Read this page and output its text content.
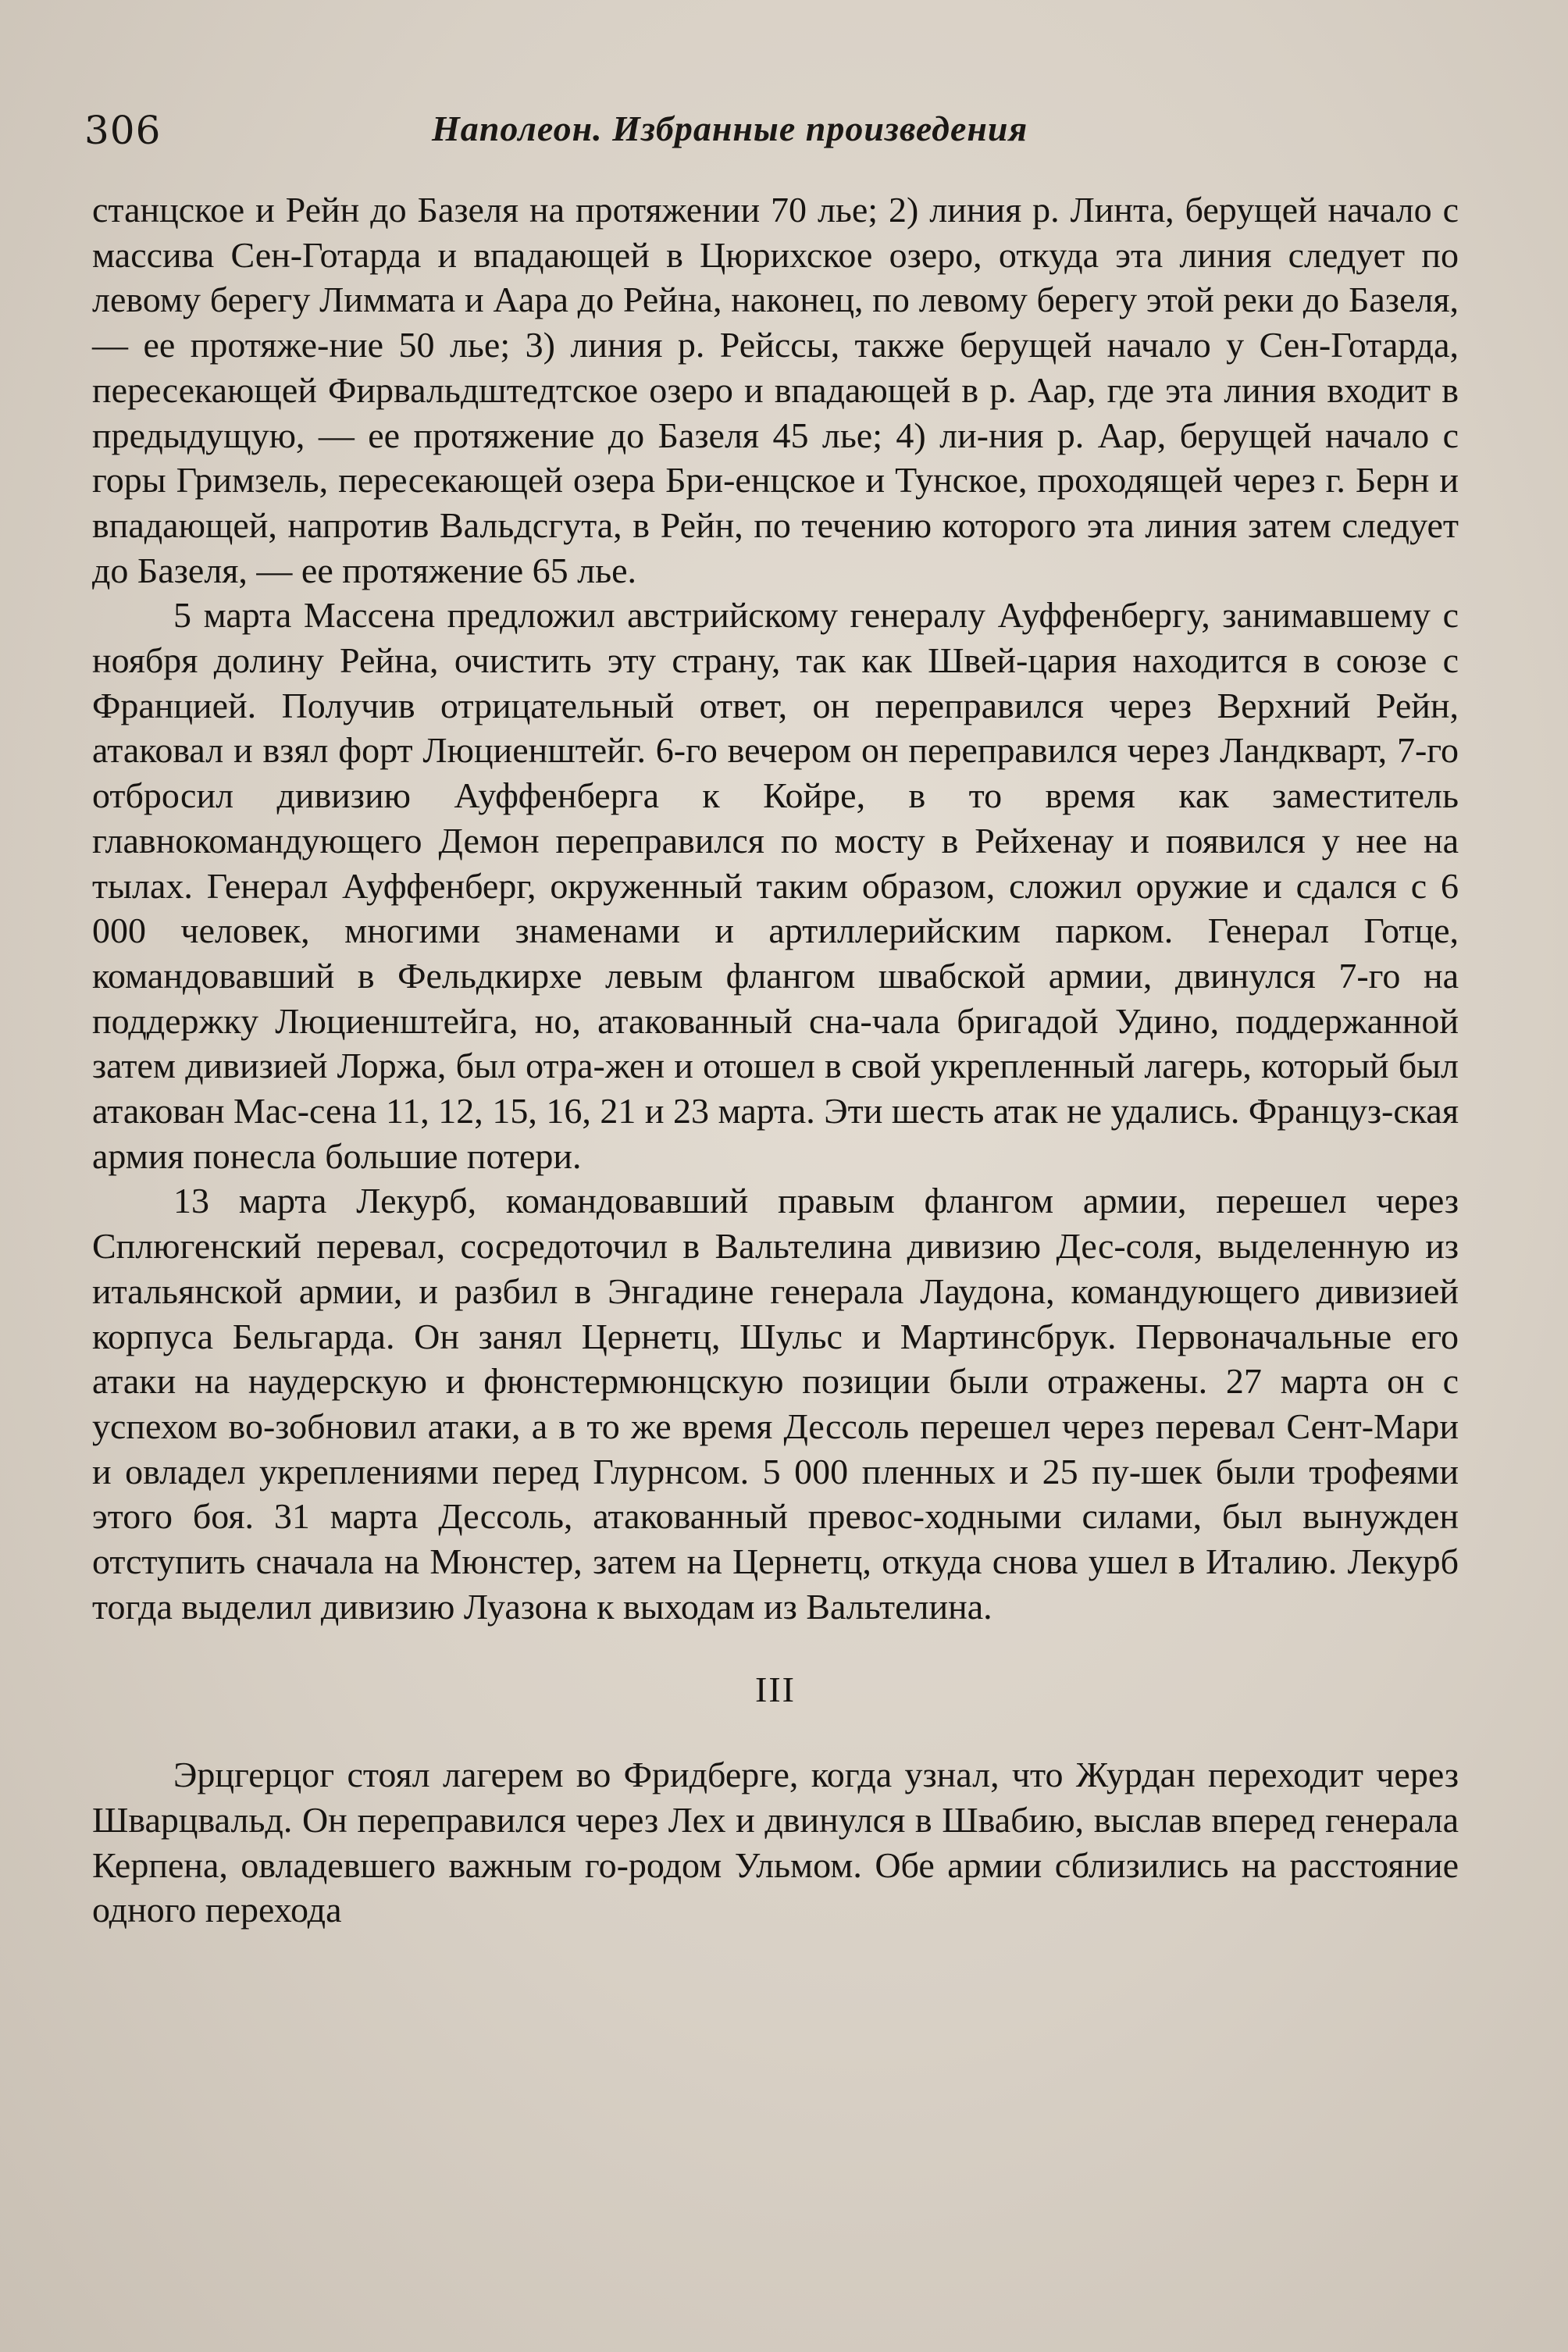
306	Наполеон. Избранные произведения

станцское и Рейн до Базеля на протяжении 70 лье; 2) линия р. Линта, берущей начало с массива Сен-Готарда и впадающей в Цюрихское озеро, откуда эта линия следует по левому берегу Лиммата и Аара до Рейна, наконец, по левому берегу этой реки до Базеля, — ее протяже-ние 50 лье; 3) линия р. Рейссы, также берущей начало у Сен-Готарда, пересекающей Фирвальдштедтское озеро и впадающей в р. Аар, где эта линия входит в предыдущую, — ее протяжение до Базеля 45 лье; 4) ли-ния р. Аар, берущей начало с горы Гримзель, пересекающей озера Бри-енцское и Тунское, проходящей через г. Берн и впадающей, напротив Вальдсгута, в Рейн, по течению которого эта линия затем следует до Базеля, — ее протяжение 65 лье.

5 марта Массена предложил австрийскому генералу Ауффенбергу, занимавшему с ноября долину Рейна, очистить эту страну, так как Швей-цария находится в союзе с Францией. Получив отрицательный ответ, он переправился через Верхний Рейн, атаковал и взял форт Люциенштейг. 6-го вечером он переправился через Ландкварт, 7-го отбросил дивизию Ауффенберга к Койре, в то время как заместитель главнокомандующего Демон переправился по мосту в Рейхенау и появился у нее на тылах. Генерал Ауффенберг, окруженный таким образом, сложил оружие и сдался с 6 000 человек, многими знаменами и артиллерийским парком. Генерал Готце, командовавший в Фельдкирхе левым флангом швабской армии, двинулся 7-го на поддержку Люциенштейга, но, атакованный сна-чала бригадой Удино, поддержанной затем дивизией Лоржа, был отра-жен и отошел в свой укрепленный лагерь, который был атакован Мас-сена 11, 12, 15, 16, 21 и 23 марта. Эти шесть атак не удались. Француз-ская армия понесла большие потери.

13 марта Лекурб, командовавший правым флангом армии, перешел через Сплюгенский перевал, сосредоточил в Вальтелина дивизию Дес-соля, выделенную из итальянской армии, и разбил в Энгадине генерала Лаудона, командующего дивизией корпуса Бельгарда. Он занял Цернетц, Шульс и Мартинсбрук. Первоначальные его атаки на наудерскую и фюнстермюнцскую позиции были отражены. 27 марта он с успехом во-зобновил атаки, а в то же время Дессоль перешел через перевал Сент-Мари и овладел укреплениями перед Глурнсом. 5 000 пленных и 25 пу-шек были трофеями этого боя. 31 марта Дессоль, атакованный превос-ходными силами, был вынужден отступить сначала на Мюнстер, затем на Цернетц, откуда снова ушел в Италию. Лекурб тогда выделил дивизию Луазона к выходам из Вальтелина.

III

Эрцгерцог стоял лагерем во Фридберге, когда узнал, что Журдан переходит через Шварцвальд. Он переправился через Лех и двинулся в Швабию, выслав вперед генерала Керпена, овладевшего важным го-родом Ульмом. Обе армии сблизились на расстояние одного перехода
